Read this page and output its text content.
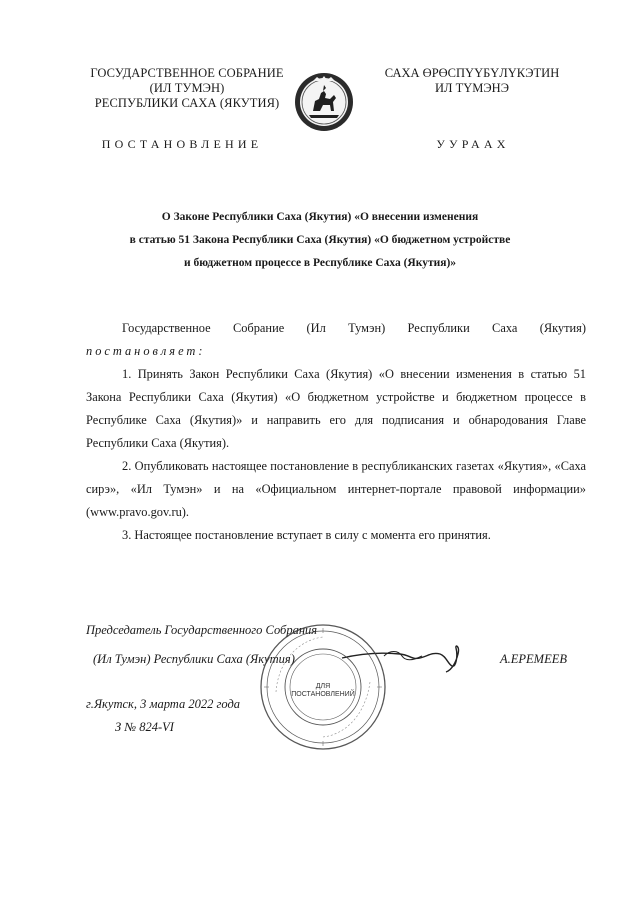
ГОСУДАРСТВЕННОЕ СОБРАНИЕ
(ИЛ ТУМЭН)
РЕСПУБЛИКИ САХА (ЯКУТИЯ)
САХА ӨРӨСПҮҮБҮЛҮКЭТИН
ИЛ ТҮМЭНЭ
ПОСТАНОВЛЕНИЕ	УУРААХ
О Законе Республики Саха (Якутия) «О внесении изменения
в статью 51 Закона Республики Саха (Якутия) «О бюджетном устройстве
и бюджетном процессе в Республике Саха (Якутия)»

Государственное Собрание (Ил Тумэн) Республики Саха (Якутия)

постановляет:

1. Принять Закон Республики Саха (Якутия) «О внесении изменения в статью 51 Закона Республики Саха (Якутия) «О бюджетном устройстве и бюджетном процессе в Республике Саха (Якутия)» и направить его для подписания и обнародования Главе Республики Саха (Якутия).

2. Опубликовать настоящее постановление в республиканских газетах «Якутия», «Саха сирэ», «Ил Тумэн» и на «Официальном интернет-портале правовой информации» (www.pravo.gov.ru).

3. Настоящее постановление вступает в силу с момента его принятия.

Председатель Государственного Собрания
(Ил Тумэн) Республики Саха (Якутия)	А.ЕРЕМЕЕВ
ДЛЯ
ПОСТАНОВЛЕНИЙ
г.Якутск, 3 марта 2022 года
З № 824-VI
